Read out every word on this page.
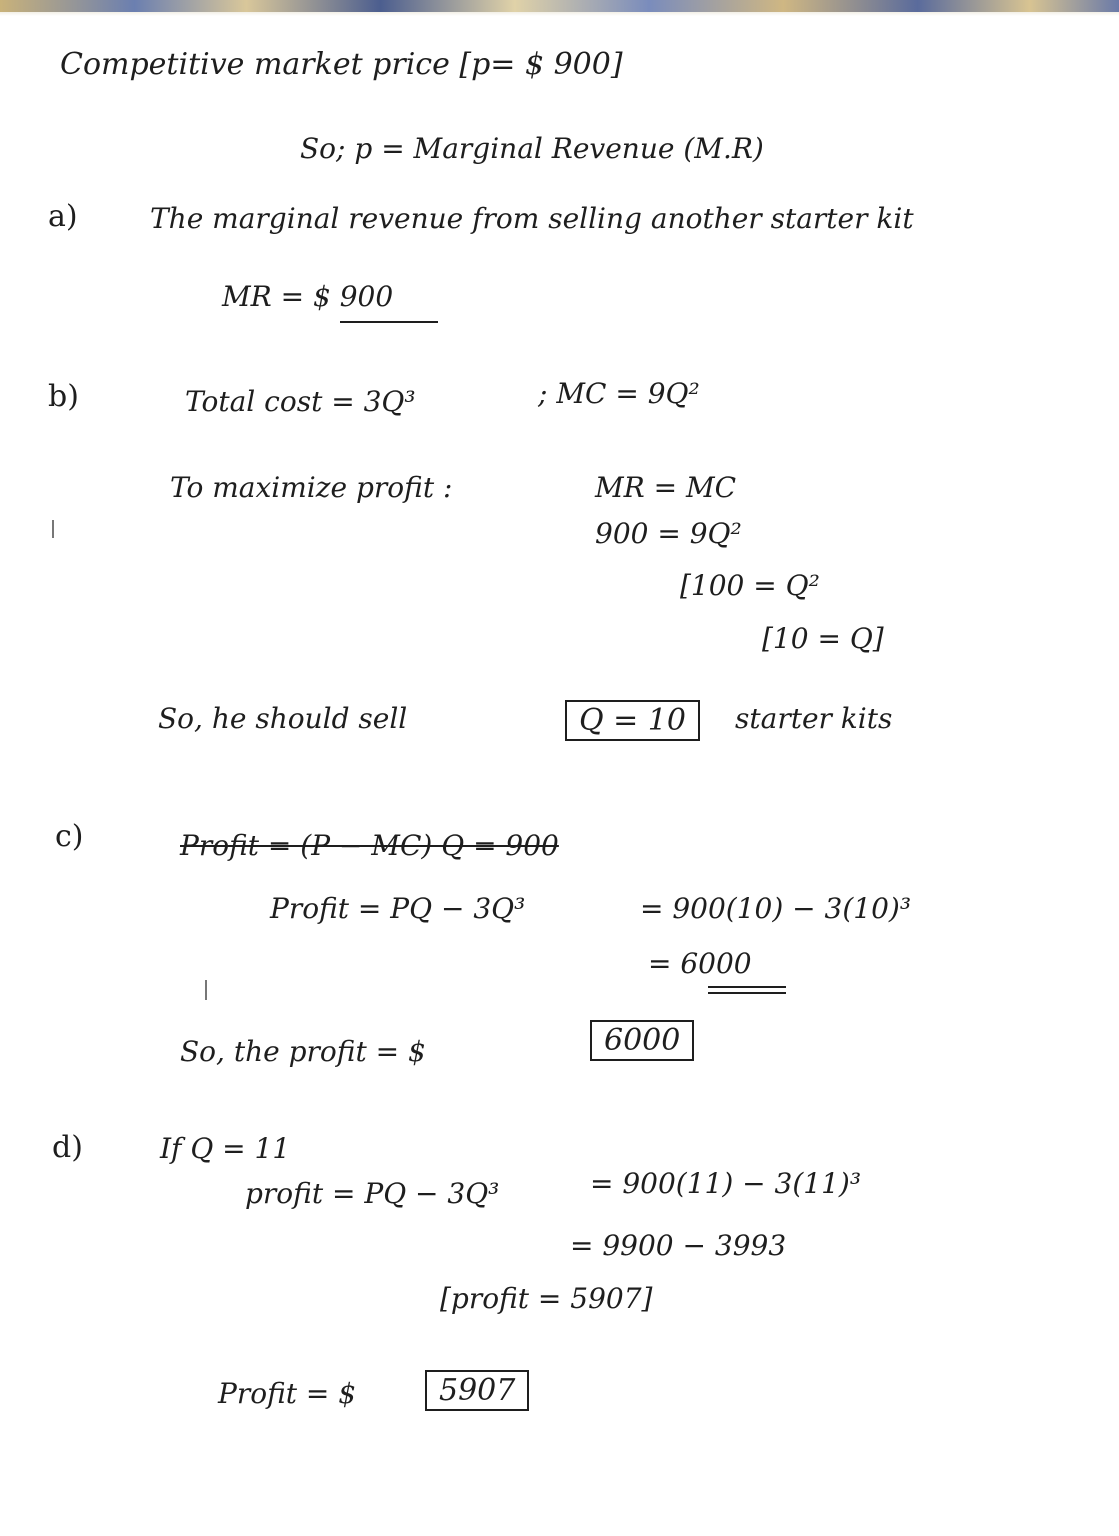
Competitive market price [p= $ 900]
So; p = Marginal Revenue (M.R)
a)	The marginal revenue from selling another starter kit
MR = $ 900
b)	Total cost = 3Q³	; MC = 9Q²
To maximize profit :	MR = MC
900 = 9Q²
[100 = Q²
[10 = Q]
So, he should sell	Q = 10	starter kits
c)	Profit = (P − MC) Q = 900
Profit = PQ − 3Q³	= 900(10) − 3(10)³
= 6000
So, the profit = $	6000
d)	If Q = 11
profit = PQ − 3Q³	= 900(11) − 3(11)³
= 9900 − 3993
[profit = 5907]
Profit = $	5907
